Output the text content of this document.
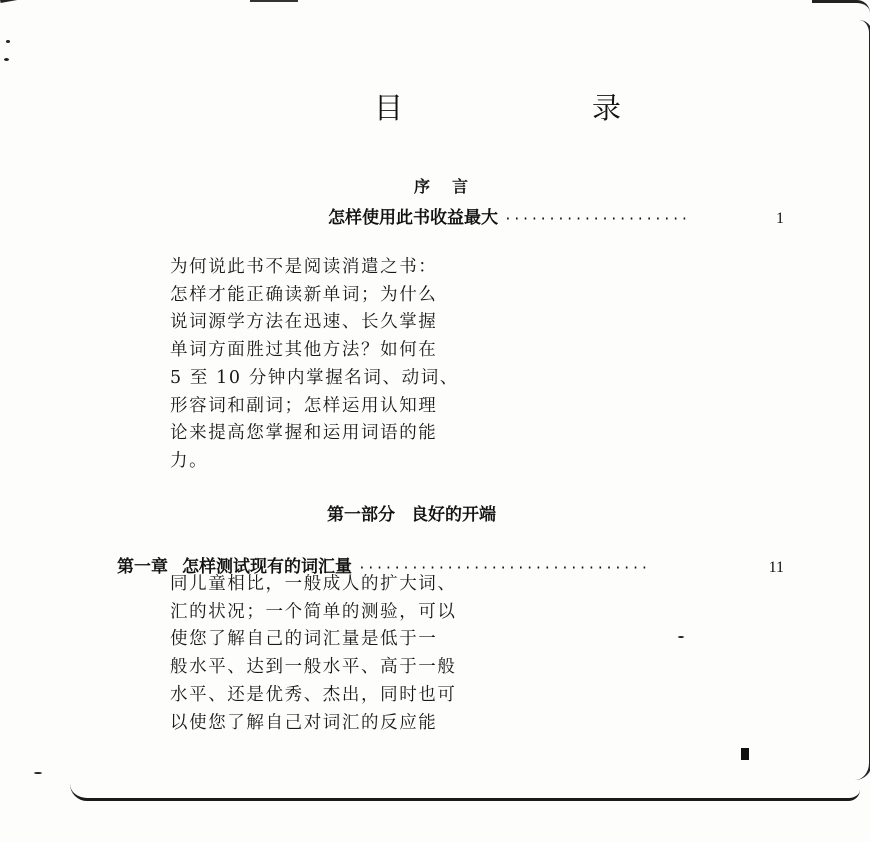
目　录
序言
怎样使用此书收益最大 ·····················	1
为何说此书不是阅读消遣之书：
怎样才能正确读新单词；为什么
说词源学方法在迅速、长久掌握
单词方面胜过其他方法？如何在
5 至 10 分钟内掌握名词、动词、
形容词和副词；怎样运用认知理
论来提高您掌握和运用词语的能
力。
第一部分 良好的开端
第一章 怎样测试现有的词汇量 ·································	11
同儿童相比，一般成人的扩大词、
汇的状况；一个简单的测验，可以
使您了解自己的词汇量是低于一
般水平、达到一般水平、高于一般
水平、还是优秀、杰出，同时也可
以使您了解自己对词汇的反应能
